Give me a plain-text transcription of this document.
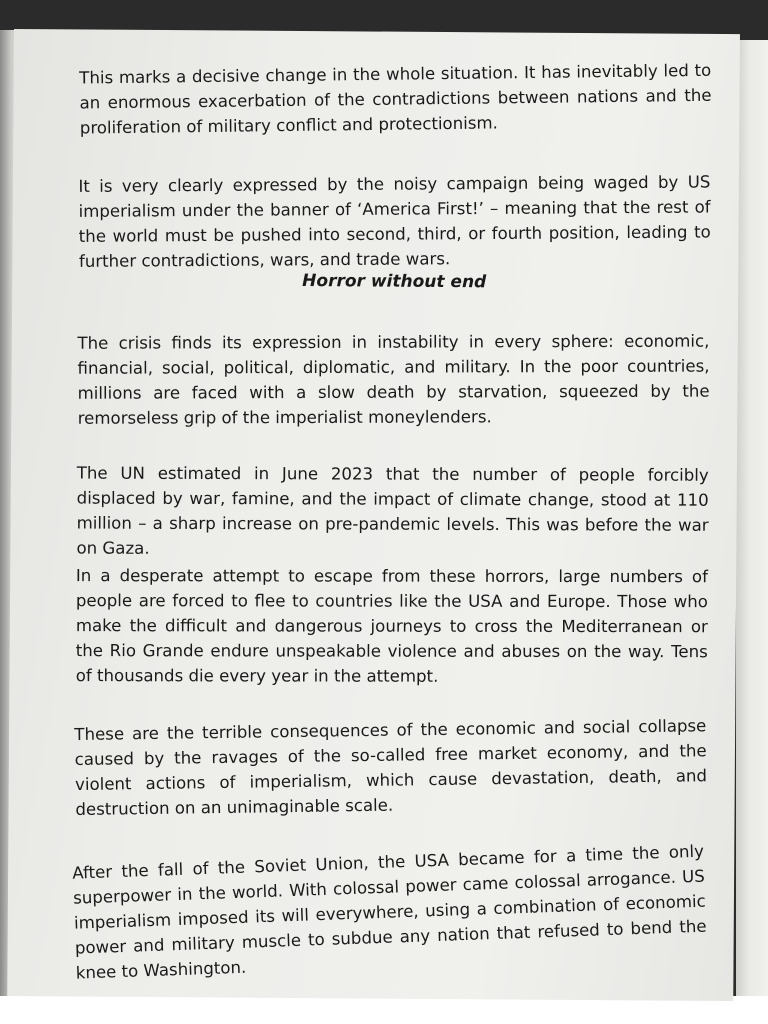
This marks a decisive change in the whole situation. It has inevitably led to an enormous exacerbation of the contradictions between nations and the proliferation of military conflict and protectionism.

It is very clearly expressed by the noisy campaign being waged by US imperialism under the banner of ‘America First!’ – meaning that the rest of the world must be pushed into second, third, or fourth position, leading to further contradictions, wars, and trade wars.

Horror without end

The crisis finds its expression in instability in every sphere: economic, financial, social, political, diplomatic, and military. In the poor countries, millions are faced with a slow death by starvation, squeezed by the remorseless grip of the imperialist moneylenders.

The UN estimated in June 2023 that the number of people forcibly displaced by war, famine, and the impact of climate change, stood at 110 million – a sharp increase on pre-pandemic levels. This was before the war on Gaza.

In a desperate attempt to escape from these horrors, large numbers of people are forced to flee to countries like the USA and Europe. Those who make the difficult and dangerous journeys to cross the Mediterranean or the Rio Grande endure unspeakable violence and abuses on the way. Tens of thousands die every year in the attempt.

These are the terrible consequences of the economic and social collapse caused by the ravages of the so-called free market economy, and the violent actions of imperialism, which cause devastation, death, and destruction on an unimaginable scale.

After the fall of the Soviet Union, the USA became for a time the only superpower in the world. With colossal power came colossal arrogance. US imperialism imposed its will everywhere, using a combination of economic power and military muscle to subdue any nation that refused to bend the knee to Washington.
